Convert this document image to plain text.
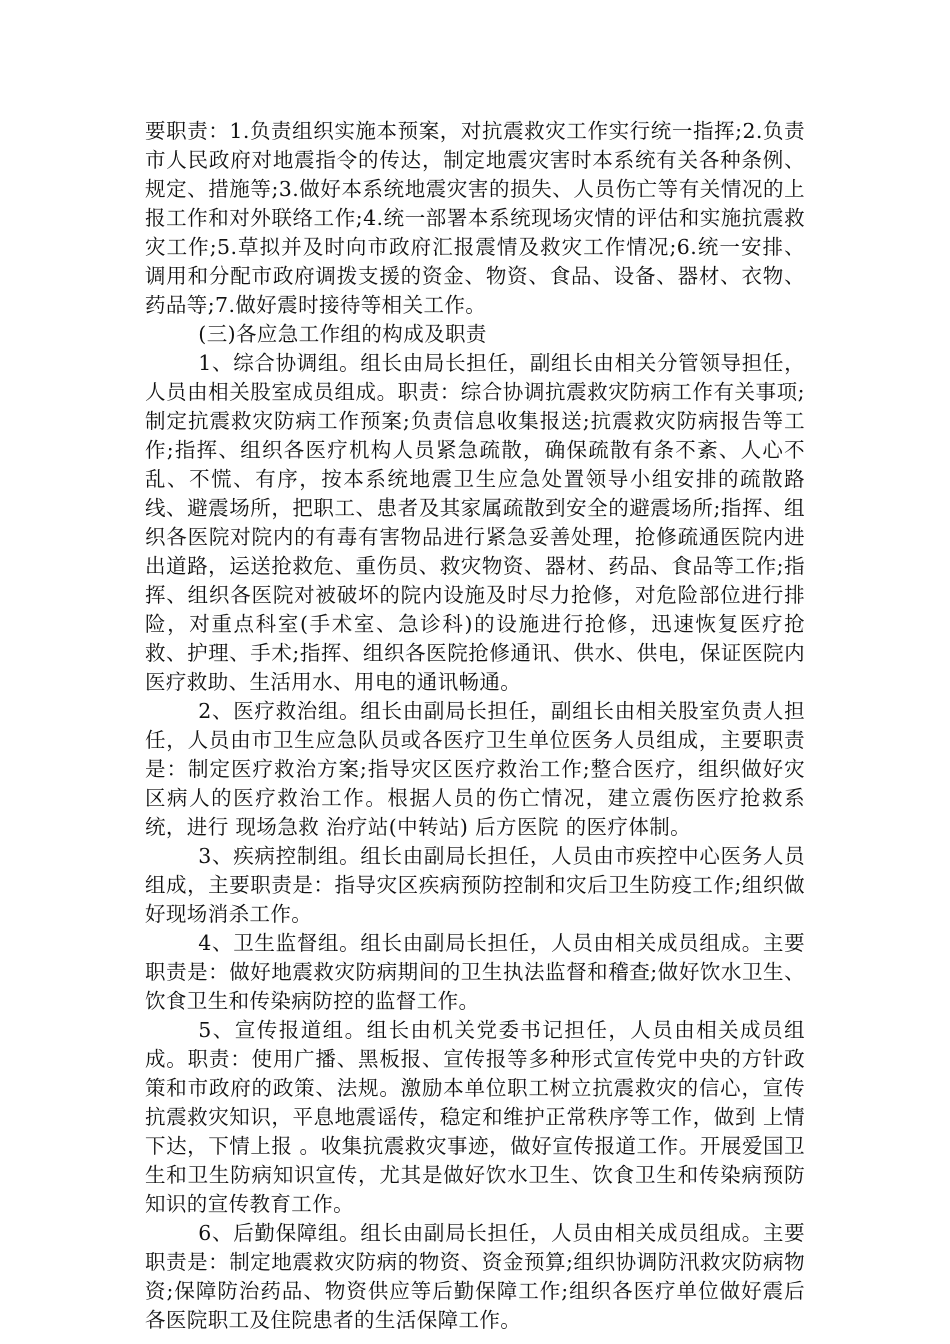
要职责：1.负责组织实施本预案，对抗震救灾工作实行统一指挥;2.负责市人民政府对地震指令的传达，制定地震灾害时本系统有关各种条例、规定、措施等;3.做好本系统地震灾害的损失、人员伤亡等有关情况的上报工作和对外联络工作;4.统一部署本系统现场灾情的评估和实施抗震救灾工作;5.草拟并及时向市政府汇报震情及救灾工作情况;6.统一安排、调用和分配市政府调拨支援的资金、物资、食品、设备、器材、衣物、药品等;7.做好震时接待等相关工作。

(三)各应急工作组的构成及职责

1、综合协调组。组长由局长担任，副组长由相关分管领导担任，人员由相关股室成员组成。职责：综合协调抗震救灾防病工作有关事项;制定抗震救灾防病工作预案;负责信息收集报送;抗震救灾防病报告等工作;指挥、组织各医疗机构人员紧急疏散，确保疏散有条不紊、人心不乱、不慌、有序，按本系统地震卫生应急处置领导小组安排的疏散路线、避震场所，把职工、患者及其家属疏散到安全的避震场所;指挥、组织各医院对院内的有毒有害物品进行紧急妥善处理，抢修疏通医院内进出道路，运送抢救危、重伤员、救灾物资、器材、药品、食品等工作;指挥、组织各医院对被破坏的院内设施及时尽力抢修，对危险部位进行排险，对重点科室(手术室、急诊科)的设施进行抢修，迅速恢复医疗抢救、护理、手术;指挥、组织各医院抢修通讯、供水、供电，保证医院内医疗救助、生活用水、用电的通讯畅通。

2、医疗救治组。组长由副局长担任，副组长由相关股室负责人担任，人员由市卫生应急队员或各医疗卫生单位医务人员组成，主要职责是：制定医疗救治方案;指导灾区医疗救治工作;整合医疗，组织做好灾区病人的医疗救治工作。根据人员的伤亡情况，建立震伤医疗抢救系统，进行 现场急救 治疗站(中转站) 后方医院 的医疗体制。

3、疾病控制组。组长由副局长担任，人员由市疾控中心医务人员组成，主要职责是：指导灾区疾病预防控制和灾后卫生防疫工作;组织做好现场消杀工作。

4、卫生监督组。组长由副局长担任，人员由相关成员组成。主要职责是：做好地震救灾防病期间的卫生执法监督和稽查;做好饮水卫生、饮食卫生和传染病防控的监督工作。

5、宣传报道组。组长由机关党委书记担任，人员由相关成员组成。职责：使用广播、黑板报、宣传报等多种形式宣传党中央的方针政策和市政府的政策、法规。激励本单位职工树立抗震救灾的信心，宣传抗震救灾知识，平息地震谣传，稳定和维护正常秩序等工作，做到 上情下达，下情上报 。收集抗震救灾事迹，做好宣传报道工作。开展爱国卫生和卫生防病知识宣传，尤其是做好饮水卫生、饮食卫生和传染病预防知识的宣传教育工作。

6、后勤保障组。组长由副局长担任，人员由相关成员组成。主要职责是：制定地震救灾防病的物资、资金预算;组织协调防汛救灾防病物资;保障防治药品、物资供应等后勤保障工作;组织各医疗单位做好震后各医院职工及住院患者的生活保障工作。
